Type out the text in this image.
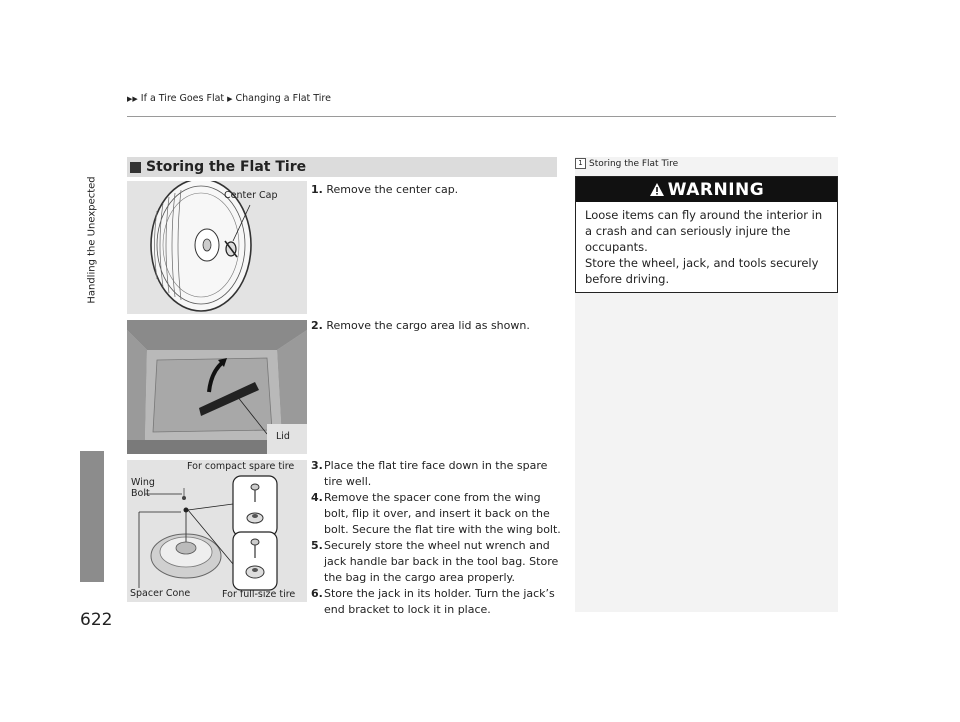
▶▶ If a Tire Goes Flat ▶ Changing a Flat Tire
Handling the Unexpected
622
Storing the Flat Tire
Center Cap
Lid
For compact spare tire
Wing
Bolt
Spacer Cone	For full-size tire
1. Remove the center cap.
2. Remove the cargo area lid as shown.
3. Place the flat tire face down in the spare tire well.
4. Remove the spacer cone from the wing bolt, flip it over, and insert it back on the bolt. Secure the flat tire with the wing bolt.
5. Securely store the wheel nut wrench and jack handle bar back in the tool bag. Store the bag in the cargo area properly.
6. Store the jack in its holder. Turn the jack’s end bracket to lock it in place.
1 Storing the Flat Tire
WARNING
Loose items can fly around the interior in a crash and can seriously injure the occupants.
Store the wheel, jack, and tools securely before driving.
